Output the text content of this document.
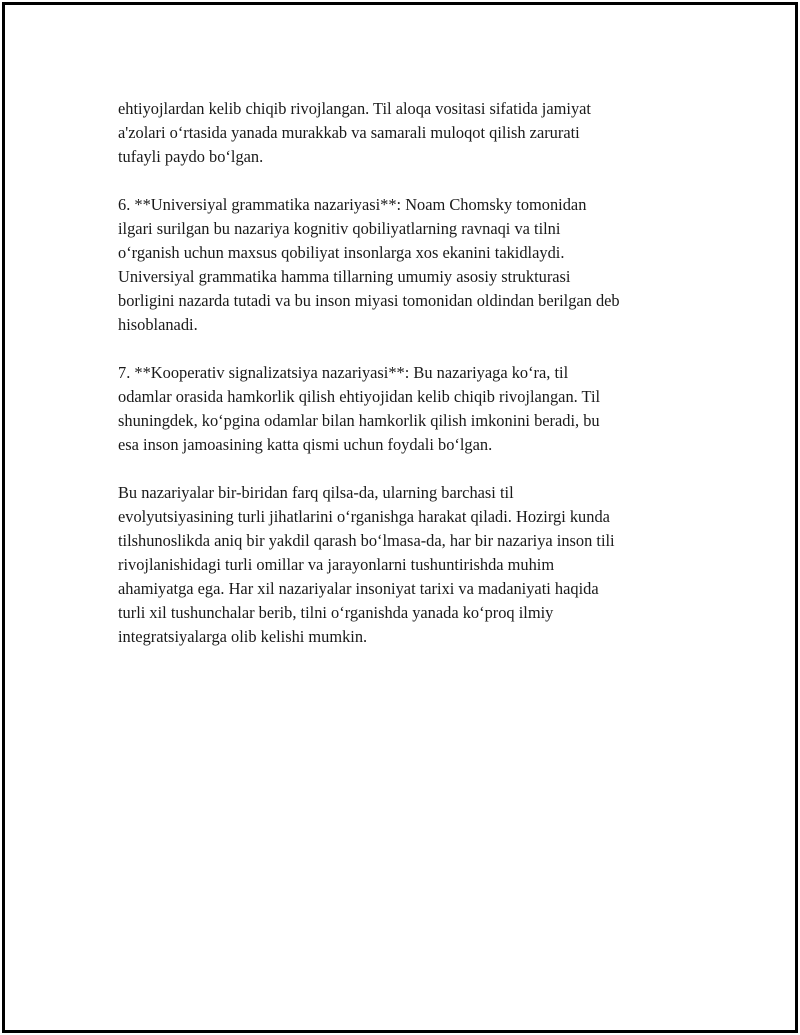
ehtiyojlardan kelib chiqib rivojlangan. Til aloqa vositasi sifatida jamiyat
a'zolari o‘rtasida yanada murakkab va samarali muloqot qilish zarurati
tufayli paydo bo‘lgan.

6. **Universiyal grammatika nazariyasi**: Noam Chomsky tomonidan
ilgari surilgan bu nazariya kognitiv qobiliyatlarning ravnaqi va tilni
o‘rganish uchun maxsus qobiliyat insonlarga xos ekanini takidlaydi.
Universiyal grammatika hamma tillarning umumiy asosiy strukturasi
borligini nazarda tutadi va bu inson miyasi tomonidan oldindan berilgan deb
hisoblanadi.

7. **Kooperativ signalizatsiya nazariyasi**: Bu nazariyaga ko‘ra, til
odamlar orasida hamkorlik qilish ehtiyojidan kelib chiqib rivojlangan. Til
shuningdek, ko‘pgina odamlar bilan hamkorlik qilish imkonini beradi, bu
esa inson jamoasining katta qismi uchun foydali bo‘lgan.

Bu nazariyalar bir-biridan farq qilsa-da, ularning barchasi til
evolyutsiyasining turli jihatlarini o‘rganishga harakat qiladi. Hozirgi kunda
tilshunoslikda aniq bir yakdil qarash bo‘lmasa-da, har bir nazariya inson tili
rivojlanishidagi turli omillar va jarayonlarni tushuntirishda muhim
ahamiyatga ega. Har xil nazariyalar insoniyat tarixi va madaniyati haqida
turli xil tushunchalar berib, tilni o‘rganishda yanada ko‘proq ilmiy
integratsiyalarga olib kelishi mumkin.
